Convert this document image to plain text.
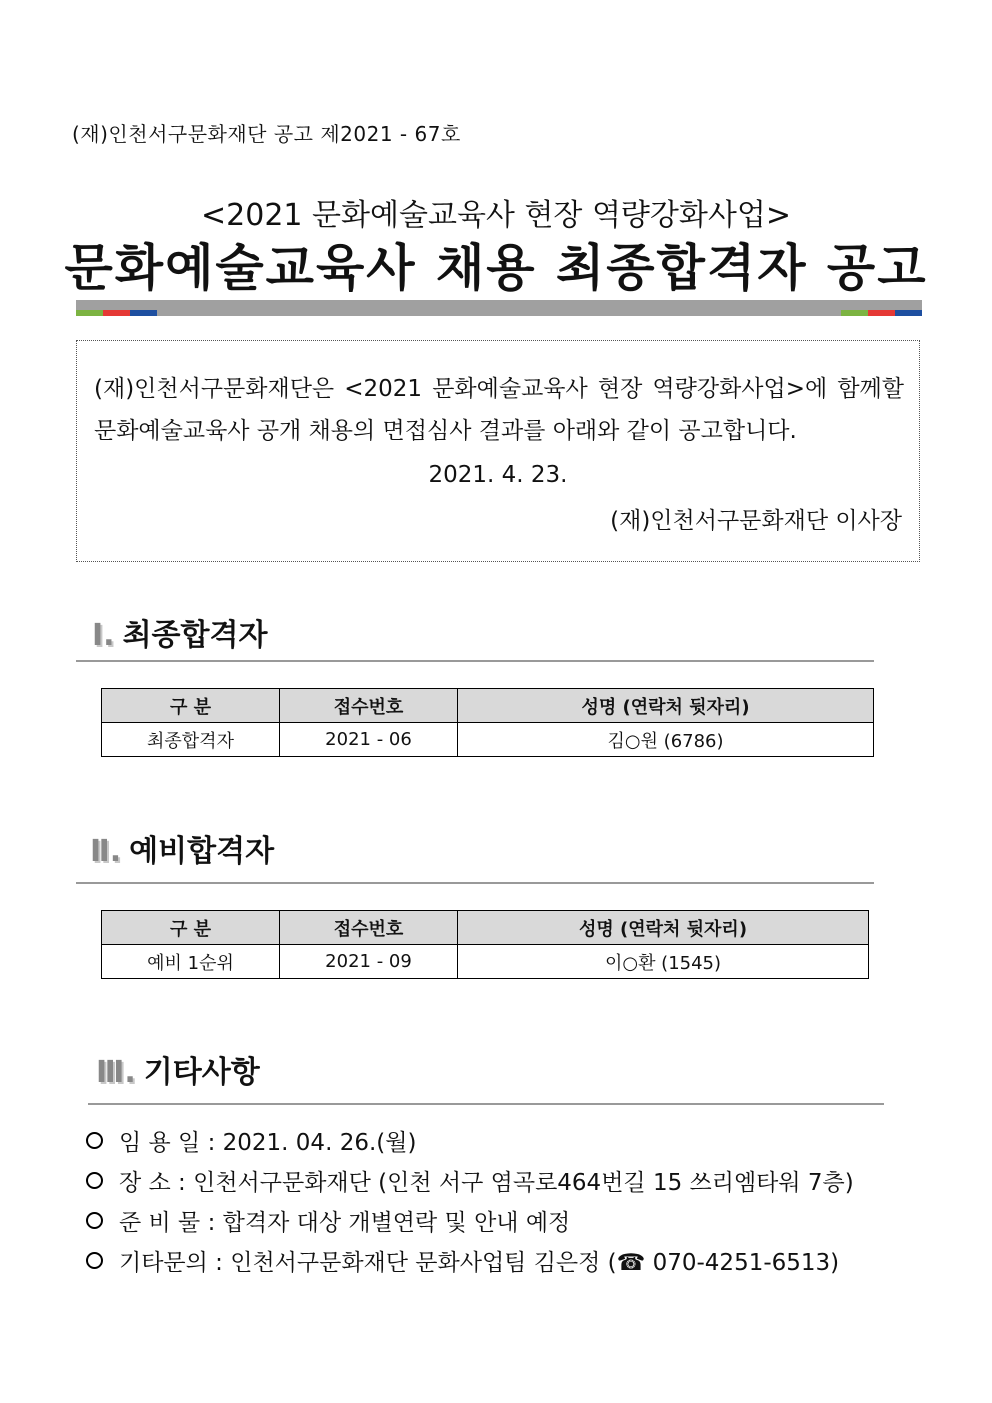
(재)인천서구문화재단 공고 제2021 - 67호
<2021 문화예술교육사 현장 역량강화사업>
문화예술교육사 채용 최종합격자 공고
(재)인천서구문화재단은 <2021 문화예술교육사 현장 역량강화사업>에 함께할 문화예술교육사 공개 채용의 면접심사 결과를 아래와 같이 공고합니다.
2021. 4. 23.
(재)인천서구문화재단 이사장
Ⅰ. 최종합격자
구 분	접수번호	성명 (연락처 뒷자리)
최종합격자	2021 - 06	김○원 (6786)
Ⅱ. 예비합격자
구 분	접수번호	성명 (연락처 뒷자리)
예비 1순위	2021 - 09	이○환 (1545)
Ⅲ. 기타사항
임 용 일 : 2021. 04. 26.(월)
장 소 : 인천서구문화재단 (인천 서구 염곡로464번길 15 쓰리엠타워 7층)
준 비 물 : 합격자 대상 개별연락 및 안내 예정
기타문의 : 인천서구문화재단 문화사업팀 김은정 (☎ 070-4251-6513)
